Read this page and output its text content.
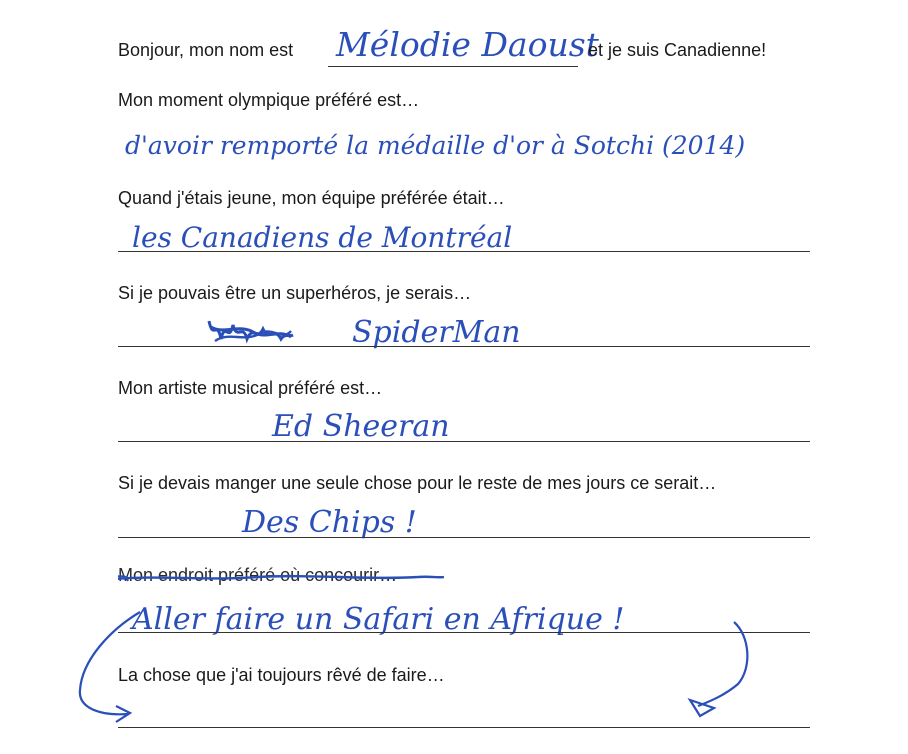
Bonjour, mon nom est Mélodie Daoust
et je suis Canadienne!
Mon moment olympique préféré est…
d'avoir remporté la médaille d'or à Sotchi (2014)
Quand j'étais jeune, mon équipe préférée était…
les Canadiens de Montréal
Si je pouvais être un superhéros, je serais…
SpiderMan
Mon artiste musical préféré est…
Ed Sheeran
Si je devais manger une seule chose pour le reste de mes jours ce serait…
Des Chips !
Mon endroit préféré où concourir…
Aller faire un Safari en Afrique !
La chose que j'ai toujours rêvé de faire…
